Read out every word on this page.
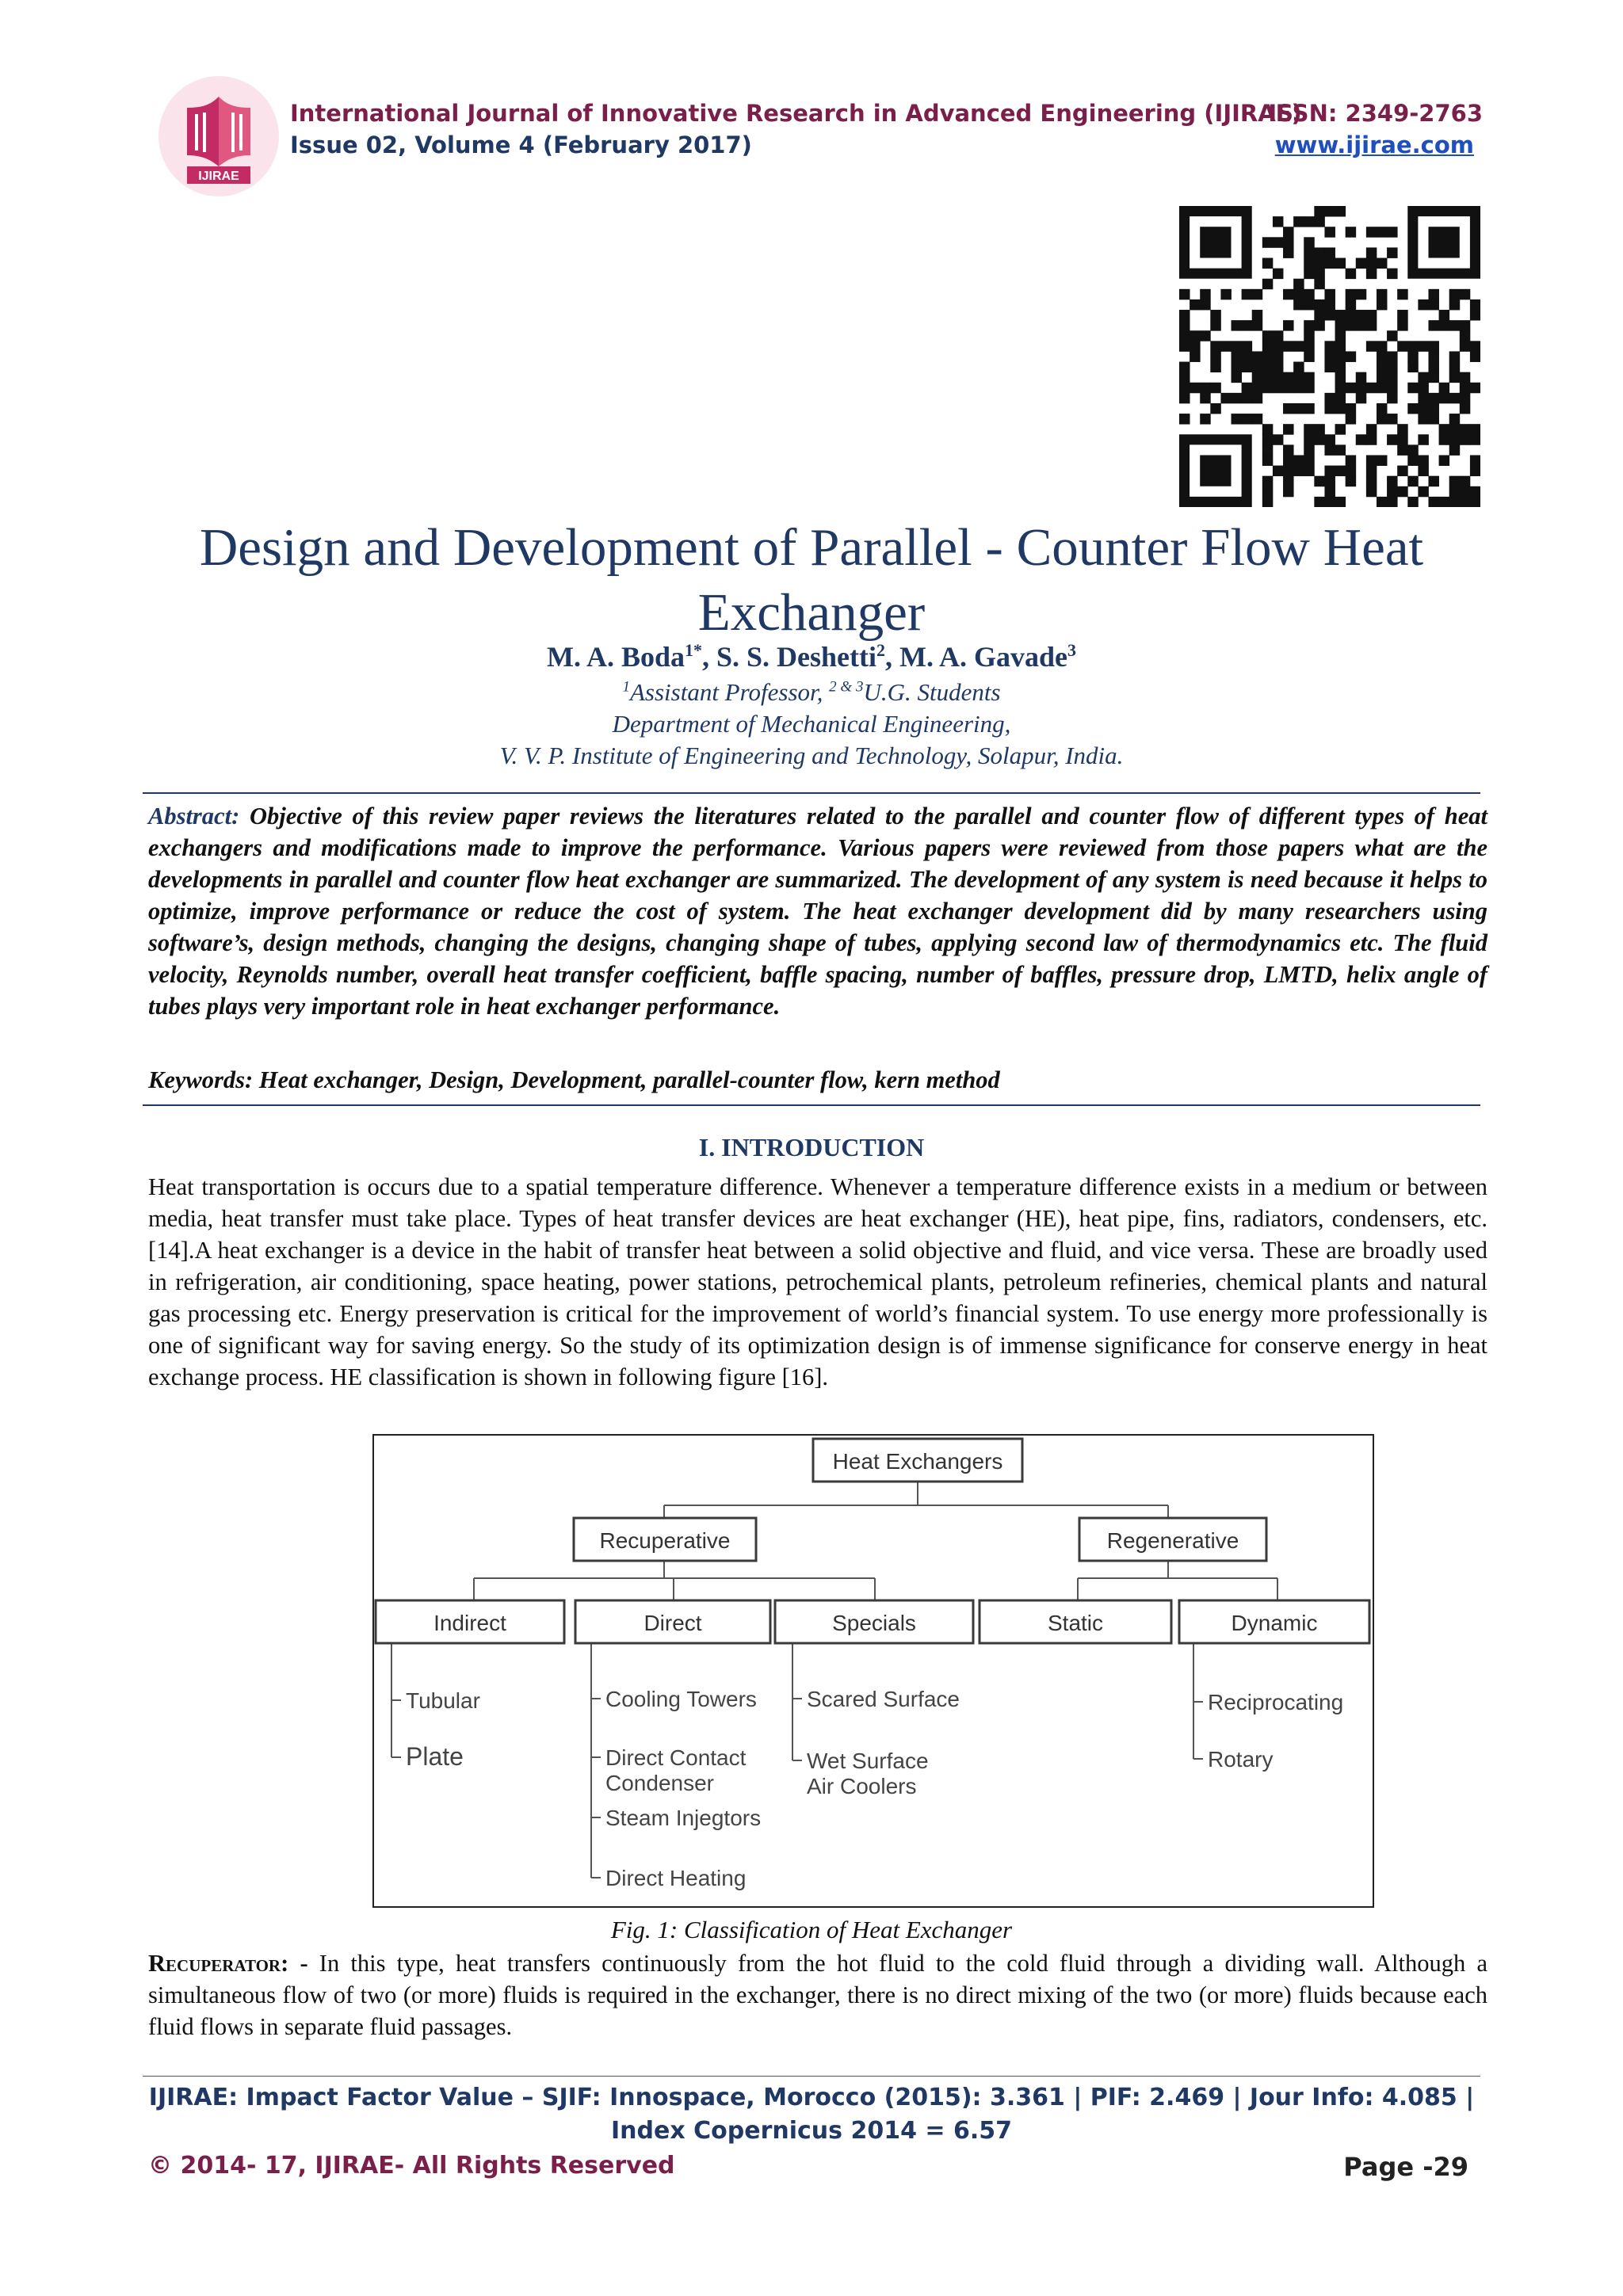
IJIRAE
International Journal of Innovative Research in Advanced Engineering (IJIRAE)
ISSN: 2349-2763
Issue 02, Volume 4 (February 2017)	www.ijirae.com
Design and Development of Parallel - Counter Flow Heat Exchanger
M. A. Boda$^{1*}$, S. S. Deshetti$^2$, M. A. Gavade$^3$
$^1$Assistant Professor, $^{2 \& 3}$U.G. Students
Department of Mechanical Engineering,
V. V. P. Institute of Engineering and Technology, Solapur, India.
Abstract: Objective of this review paper reviews the literatures related to the parallel and counter flow of different types of heat exchangers and modifications made to improve the performance. Various papers were reviewed from those papers what are the developments in parallel and counter flow heat exchanger are summarized. The development of any system is need because it helps to optimize, improve performance or reduce the cost of system. The heat exchanger development did by many researchers using software’s, design methods, changing the designs, changing shape of tubes, applying second law of thermodynamics etc. The fluid velocity, Reynolds number, overall heat transfer coefficient, baffle spacing, number of baffles, pressure drop, LMTD, helix angle of tubes plays very important role in heat exchanger performance.
Keywords: Heat exchanger, Design, Development, parallel-counter flow, kern method
I. INTRODUCTION
Heat transportation is occurs due to a spatial temperature difference. Whenever a temperature difference exists in a medium or between media, heat transfer must take place. Types of heat transfer devices are heat exchanger (HE), heat pipe, fins, radiators, condensers, etc. [14].A heat exchanger is a device in the habit of transfer heat between a solid objective and fluid, and vice versa. These are broadly used in refrigeration, air conditioning, space heating, power stations, petrochemical plants, petroleum refineries, chemical plants and natural gas processing etc. Energy preservation is critical for the improvement of world’s financial system. To use energy more professionally is one of significant way for saving energy. So the study of its optimization design is of immense significance for conserve energy in heat exchange process. HE classification is shown in following figure [16].
Heat Exchangers
Recuperative	Regenerative
Indirect	Direct	Specials	Static	Dynamic
Tubular
Plate
Cooling Towers
Direct Contact
Condenser
Steam Injegtors
Direct Heating
Scared Surface
Wet Surface
Air Coolers
Reciprocating
Rotary
Fig. 1: Classification of Heat Exchanger
Recuperator: - In this type, heat transfers continuously from the hot fluid to the cold fluid through a dividing wall. Although a simultaneous flow of two (or more) fluids is required in the exchanger, there is no direct mixing of the two (or more) fluids because each fluid flows in separate fluid passages.
IJIRAE: Impact Factor Value – SJIF: Innospace, Morocco (2015): 3.361 | PIF: 2.469 | Jour Info: 4.085 |
Index Copernicus 2014 = 6.57
© 2014- 17, IJIRAE- All Rights Reserved	Page -29
